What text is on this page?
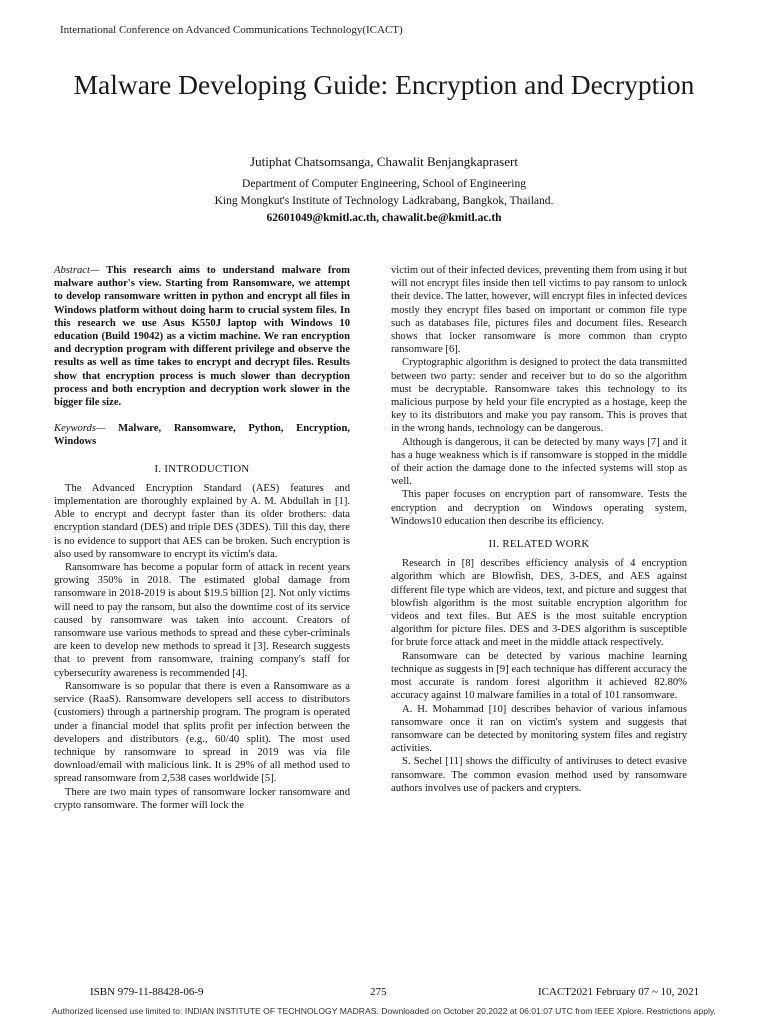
International Conference on Advanced Communications Technology(ICACT)
Malware Developing Guide: Encryption and Decryption
Jutiphat Chatsomsanga, Chawalit Benjangkaprasert
Department of Computer Engineering, School of Engineering
King Mongkut's Institute of Technology Ladkrabang, Bangkok, Thailand.
62601049@kmitl.ac.th, chawalit.be@kmitl.ac.th

Abstract— This research aims to understand malware from malware author's view. Starting from Ransomware, we attempt to develop ransomware written in python and encrypt all files in Windows platform without doing harm to crucial system files. In this research we use Asus K550J laptop with Windows 10 education (Build 19042) as a victim machine. We ran encryption and decryption program with different privilege and observe the results as well as time takes to encrypt and decrypt files. Results show that encryption process is much slower than decryption process and both encryption and decryption work slower in the bigger file size.

Keywords— Malware, Ransomware, Python, Encryption, Windows

I. INTRODUCTION

The Advanced Encryption Standard (AES) features and implementation are thoroughly explained by A. M. Abdullah in [1]. Able to encrypt and decrypt faster than its older brothers: data encryption standard (DES) and triple DES (3DES). Till this day, there is no evidence to support that AES can be broken. Such encryption is also used by ransomware to encrypt its victim's data.

Ransomware has become a popular form of attack in recent years growing 350% in 2018. The estimated global damage from ransomware in 2018-2019 is about $19.5 billion [2]. Not only victims will need to pay the ransom, but also the downtime cost of its service caused by ransomware was taken into account. Creators of ransomware use various methods to spread and these cyber-criminals are keen to develop new methods to spread it [3]. Research suggests that to prevent from ransomware, training company's staff for cybersecurity awareness is recommended [4].

Ransomware is so popular that there is even a Ransomware as a service (RaaS). Ransomware developers sell access to distributors (customers) through a partnership program. The program is operated under a financial model that splits profit per infection between the developers and distributors (e.g., 60/40 split). The most used technique by ransomware to spread in 2019 was via file download/email with malicious link. It is 29% of all method used to spread ransomware from 2,538 cases worldwide [5].

There are two main types of ransomware locker ransomware and crypto ransomware. The former will lock the

victim out of their infected devices, preventing them from using it but will not encrypt files inside then tell victims to pay ransom to unlock their device. The latter, however, will encrypt files in infected devices mostly they encrypt files based on important or common file type such as databases file, pictures files and document files. Research shows that locker ransomware is more common than crypto ransomware [6].

Cryptographic algorithm is designed to protect the data transmitted between two party: sender and receiver but to do so the algorithm must be decryptable. Ransomware takes this technology to its malicious purpose by held your file encrypted as a hostage, keep the key to its distributors and make you pay ransom. This is proves that in the wrong hands, technology can be dangerous.

Although is dangerous, it can be detected by many ways [7] and it has a huge weakness which is if ransomware is stopped in the middle of their action the damage done to the infected systems will stop as well.

This paper focuses on encryption part of ransomware. Tests the encryption and decryption on Windows operating system, Windows10 education then describe its efficiency.

II. RELATED WORK

Research in [8] describes efficiency analysis of 4 encryption algorithm which are Blowfish, DES, 3-DES, and AES against different file type which are videos, text, and picture and suggest that blowfish algorithm is the most suitable encryption algorithm for videos and text files. But AES is the most suitable encryption algorithm for picture files. DES and 3-DES algorithm is susceptible for brute force attack and meet in the middle attack respectively.

Ransomware can be detected by various machine learning technique as suggests in [9] each technique has different accuracy the most accurate is random forest algorithm it achieved 82.80% accuracy against 10 malware families in a total of 101 ransomware.

A. H. Mohammad [10] describes behavior of various infamous ransomware once it ran on victim's system and suggests that ransomware can be detected by monitoring system files and registry activities.

S. Sechel [11] shows the difficulty of antiviruses to detect evasive ransomware. The common evasion method used by ransomware authors involves use of packers and crypters.

ISBN 979-11-88428-06-9	275	ICACT2021 February 07 ~ 10, 2021
Authorized licensed use limited to: INDIAN INSTITUTE OF TECHNOLOGY MADRAS. Downloaded on October 20,2022 at 06:01:07 UTC from IEEE Xplore. Restrictions apply.
